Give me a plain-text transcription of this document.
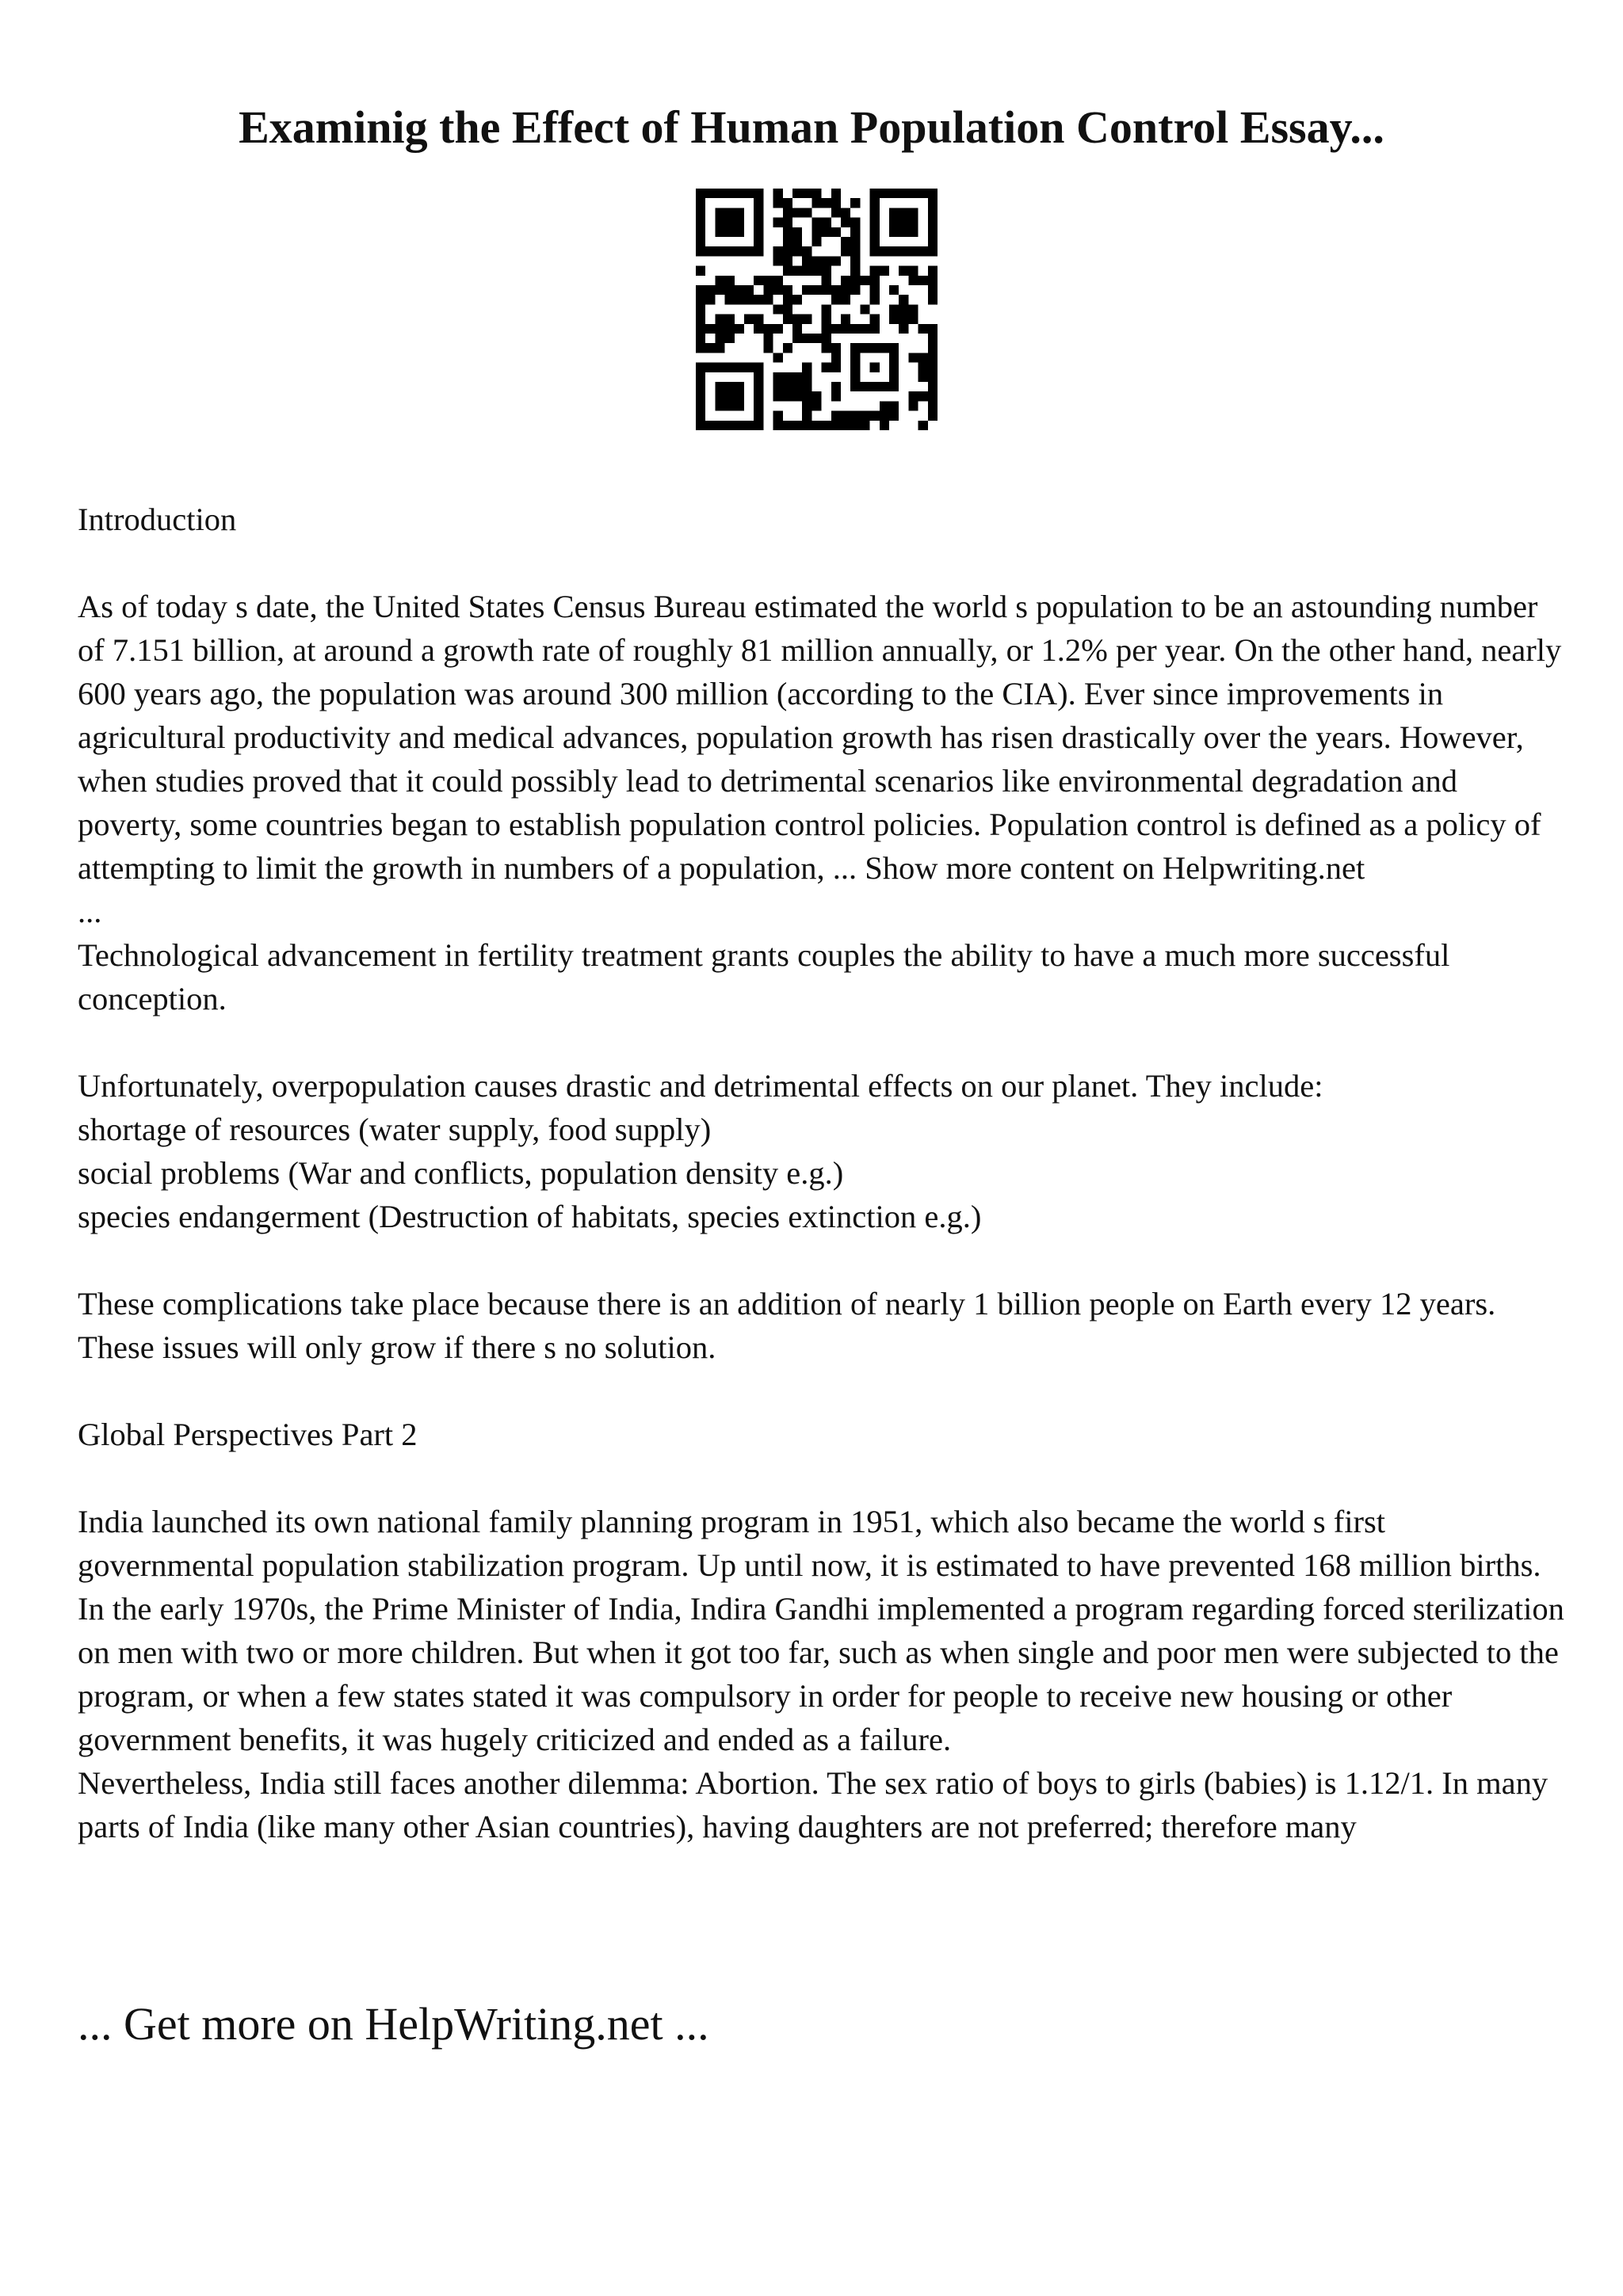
Examinig the Effect of Human Population Control Essay...

Introduction

As of today s date, the United States Census Bureau estimated the world s population to be an astounding number of 7.151 billion, at around a growth rate of roughly 81 million annually, or 1.2% per year. On the other hand, nearly 600 years ago, the population was around 300 million (according to the CIA). Ever since improvements in agricultural productivity and medical advances, population growth has risen drastically over the years. However, when studies proved that it could possibly lead to detrimental scenarios like environmental degradation and poverty, some countries began to establish population control policies. Population control is defined as a policy of attempting to limit the growth in numbers of a population, ... Show more content on Helpwriting.net

...

Technological advancement in fertility treatment grants couples the ability to have a much more successful conception.

Unfortunately, overpopulation causes drastic and detrimental effects on our planet. They include:

shortage of resources (water supply, food supply)

social problems (War and conflicts, population density e.g.)

species endangerment (Destruction of habitats, species extinction e.g.)

These complications take place because there is an addition of nearly 1 billion people on Earth every 12 years. These issues will only grow if there s no solution.

Global Perspectives Part 2

India launched its own national family planning program in 1951, which also became the world s first governmental population stabilization program. Up until now, it is estimated to have prevented 168 million births. In the early 1970s, the Prime Minister of India, Indira Gandhi implemented a program regarding forced sterilization on men with two or more children. But when it got too far, such as when single and poor men were subjected to the program, or when a few states stated it was compulsory in order for people to receive new housing or other government benefits, it was hugely criticized and ended as a failure.

Nevertheless, India still faces another dilemma: Abortion. The sex ratio of boys to girls (babies) is 1.12/1. In many parts of India (like many other Asian countries), having daughters are not preferred; therefore many

... Get more on HelpWriting.net ...
